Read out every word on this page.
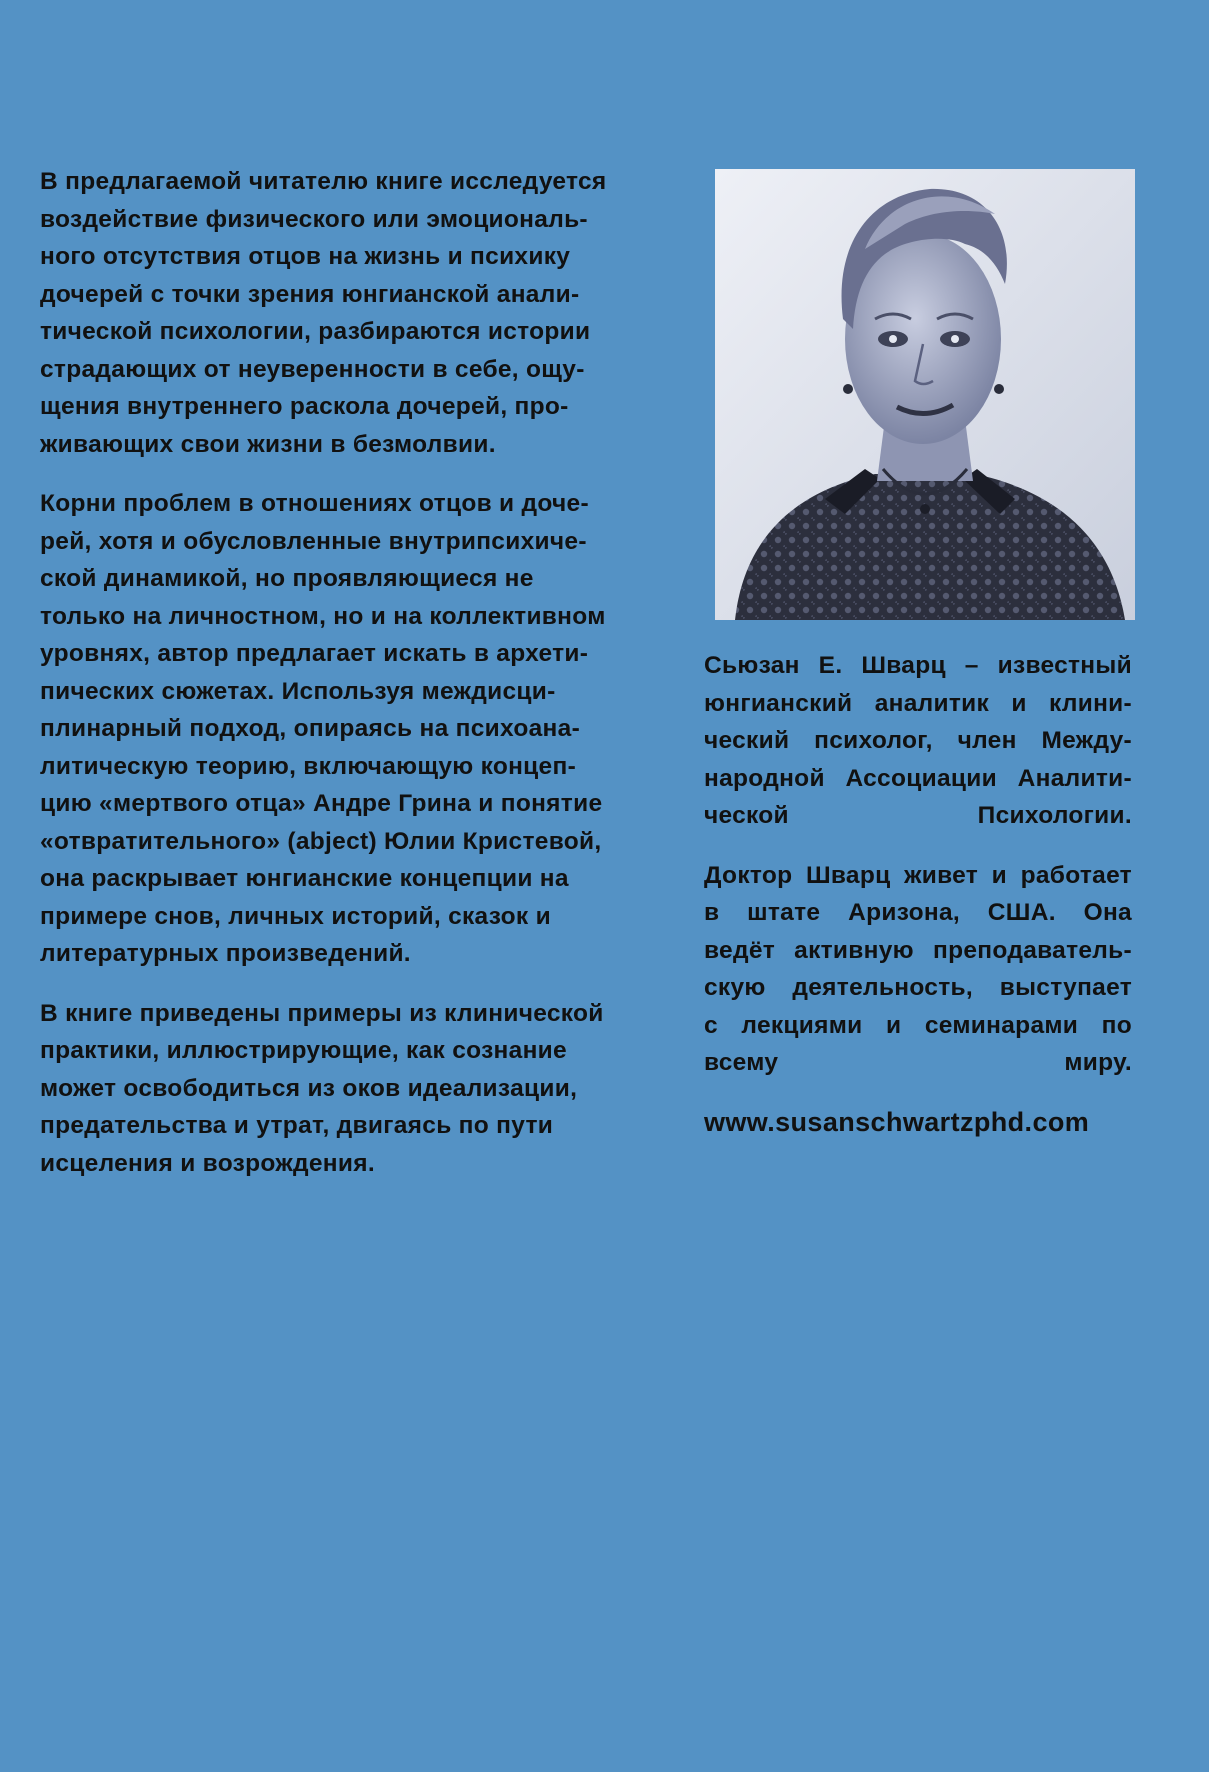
В предлагаемой читателю книге исследуется
воздействие физического или эмоциональ-
ного отсутствия отцов на жизнь и психику
дочерей с точки зрения юнгианской анали-
тической психологии, разбираются истории
страдающих от неуверенности в себе, ощу-
щения внутреннего раскола дочерей, про-
живающих свои жизни в безмолвии.

Корни проблем в отношениях отцов и доче-
рей, хотя и обусловленные внутрипсихиче-
ской динамикой, но проявляющиеся не
только на личностном, но и на коллективном
уровнях, автор предлагает искать в архети-
пических сюжетах. Используя междисци-
плинарный подход, опираясь на психоана-
литическую теорию, включающую концеп-
цию «мертвого отца» Андре Грина и понятие
«отвратительного» (abject) Юлии Кристевой,
она раскрывает юнгианские концепции на
примере снов, личных историй, сказок и
литературных произведений.

В книге приведены примеры из клинической
практики, иллюстрирующие, как сознание
может освободиться из оков идеализации,
предательства и утрат, двигаясь по пути
исцеления и возрождения.

Сьюзан Е. Шварц – известный
юнгианский аналитик и клини-
ческий психолог, член Между-
народной Ассоциации Аналити-
ческой Психологии.

Доктор Шварц живет и работает
в штате Аризона, США. Она
ведёт активную преподаватель-
скую деятельность, выступает
с лекциями и семинарами по
всему миру.

www.susanschwartzphd.com
